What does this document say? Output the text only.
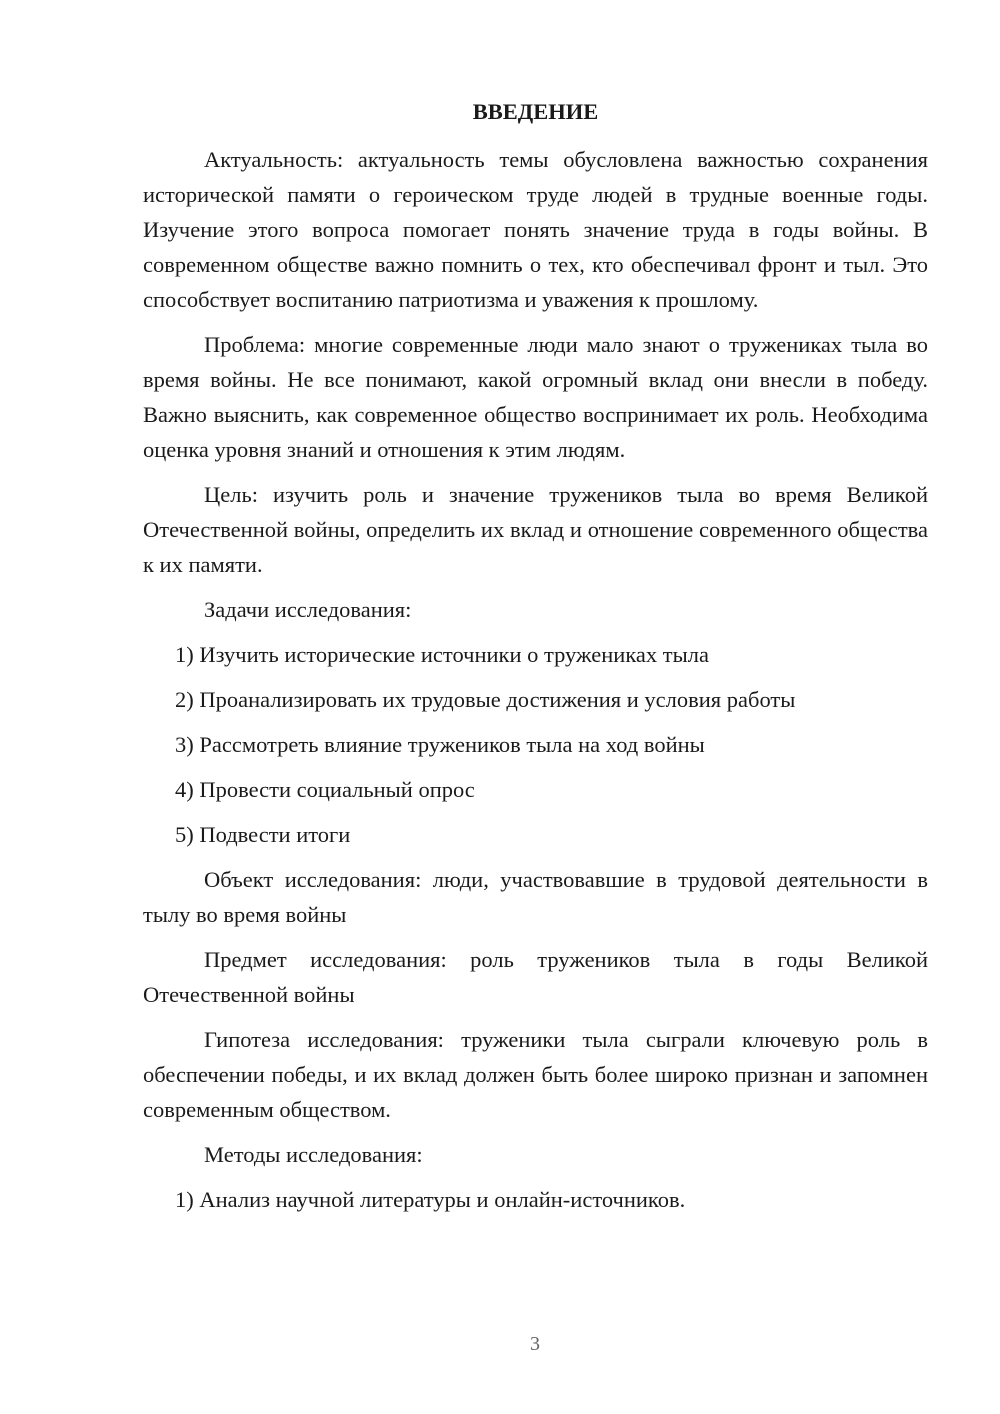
ВВЕДЕНИЕ
Актуальность: актуальность темы обусловлена важностью сохранения исторической памяти о героическом труде людей в трудные военные годы. Изучение этого вопроса помогает понять значение труда в годы войны. В современном обществе важно помнить о тех, кто обеспечивал фронт и тыл. Это способствует воспитанию патриотизма и уважения к прошлому.
Проблема: многие современные люди мало знают о тружениках тыла во время войны. Не все понимают, какой огромный вклад они внесли в победу. Важно выяснить, как современное общество воспринимает их роль. Необходима оценка уровня знаний и отношения к этим людям.
Цель: изучить роль и значение тружеников тыла во время Великой Отечественной войны, определить их вклад и отношение современного общества к их памяти.
Задачи исследования:
1) Изучить исторические источники о тружениках тыла
2) Проанализировать их трудовые достижения и условия работы
3) Рассмотреть влияние тружеников тыла на ход войны
4) Провести социальный опрос
5) Подвести итоги
Объект исследования: люди, участвовавшие в трудовой деятельности в тылу во время войны
Предмет исследования: роль тружеников тыла в годы Великой Отечественной войны
Гипотеза исследования: труженики тыла сыграли ключевую роль в обеспечении победы, и их вклад должен быть более широко признан и запомнен современным обществом.
Методы исследования:
1) Анализ научной литературы и онлайн-источников.
3
